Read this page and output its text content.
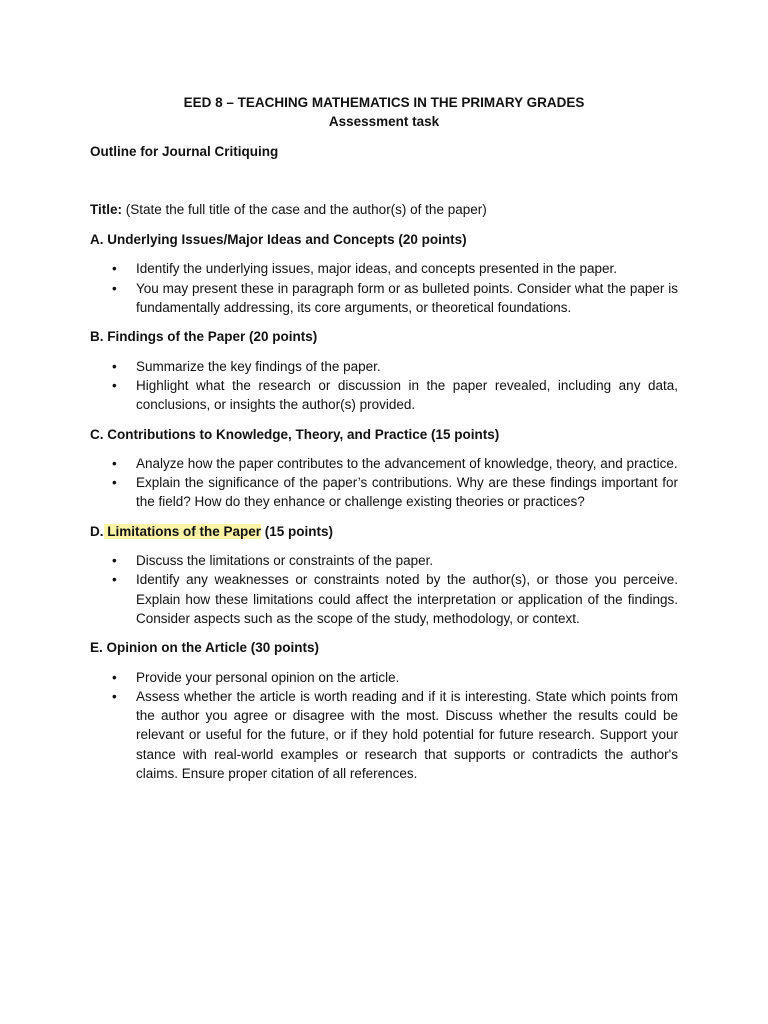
EED 8 – TEACHING MATHEMATICS IN THE PRIMARY GRADES
Assessment task
Outline for Journal Critiquing
Title: (State the full title of the case and the author(s) of the paper)
A. Underlying Issues/Major Ideas and Concepts (20 points)
• Identify the underlying issues, major ideas, and concepts presented in the paper.
• You may present these in paragraph form or as bulleted points. Consider what the paper is fundamentally addressing, its core arguments, or theoretical foundations.
B. Findings of the Paper (20 points)
• Summarize the key findings of the paper.
• Highlight what the research or discussion in the paper revealed, including any data, conclusions, or insights the author(s) provided.
C. Contributions to Knowledge, Theory, and Practice (15 points)
• Analyze how the paper contributes to the advancement of knowledge, theory, and practice.
• Explain the significance of the paper’s contributions. Why are these findings important for the field? How do they enhance or challenge existing theories or practices?
D. Limitations of the Paper (15 points)
• Discuss the limitations or constraints of the paper.
• Identify any weaknesses or constraints noted by the author(s), or those you perceive. Explain how these limitations could affect the interpretation or application of the findings. Consider aspects such as the scope of the study, methodology, or context.
E. Opinion on the Article (30 points)
• Provide your personal opinion on the article.
• Assess whether the article is worth reading and if it is interesting. State which points from the author you agree or disagree with the most. Discuss whether the results could be relevant or useful for the future, or if they hold potential for future research. Support your stance with real-world examples or research that supports or contradicts the author's claims. Ensure proper citation of all references.
